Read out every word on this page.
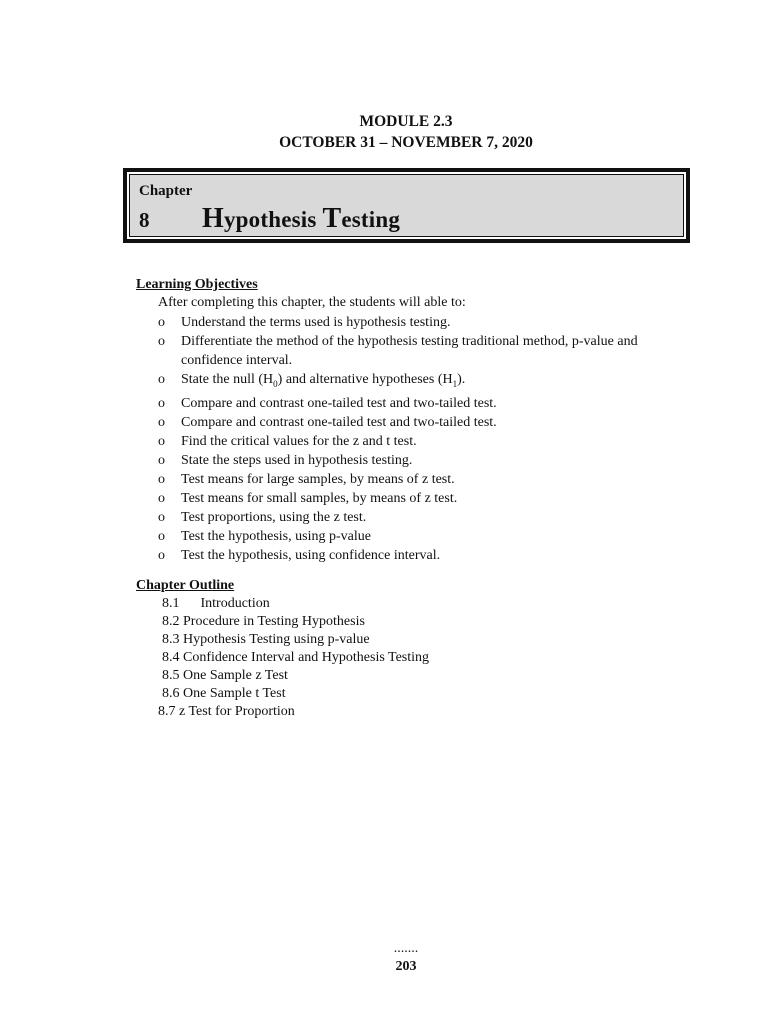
MODULE 2.3
OCTOBER 31 – NOVEMBER 7, 2020
Chapter
8 Hypothesis Testing
Learning Objectives
After completing this chapter, the students will able to:
o Understand the terms used is hypothesis testing.
o Differentiate the method of the hypothesis testing traditional method, p-value and confidence interval.
o State the null $(H_0)$ and alternative hypotheses $(H_1)$.
o Compare and contrast one-tailed test and two-tailed test.
o Compare and contrast one-tailed test and two-tailed test.
o Find the critical values for the z and t test.
o State the steps used in hypothesis testing.
o Test means for large samples, by means of z test.
o Test means for small samples, by means of z test.
o Test proportions, using the z test.
o Test the hypothesis, using p-value
o Test the hypothesis, using confidence interval.
Chapter Outline
8.1      Introduction
8.2 Procedure in Testing Hypothesis
8.3 Hypothesis Testing using p-value
8.4 Confidence Interval and Hypothesis Testing
8.5 One Sample z Test
8.6 One Sample t Test
8.7 z Test for Proportion
.......
203
